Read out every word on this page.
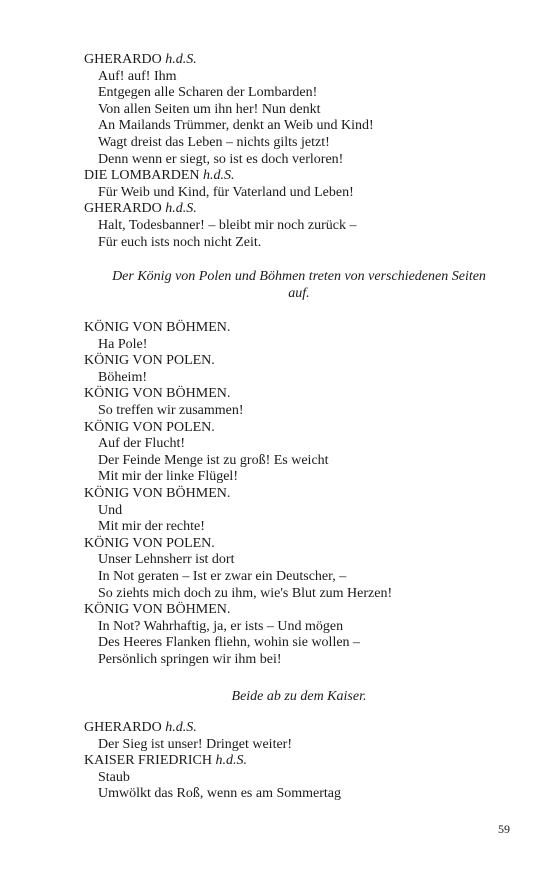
GHERARDO h.d.S.
Auf! auf! Ihm
Entgegen alle Scharen der Lombarden!
Von allen Seiten um ihn her! Nun denkt
An Mailands Trümmer, denkt an Weib und Kind!
Wagt dreist das Leben – nichts gilts jetzt!
Denn wenn er siegt, so ist es doch verloren!
DIE LOMBARDEN h.d.S.
Für Weib und Kind, für Vaterland und Leben!
GHERARDO h.d.S.
Halt, Todesbanner! – bleibt mir noch zurück –
Für euch ists noch nicht Zeit.
Der König von Polen und Böhmen treten von verschiedenen Seiten
auf.
KÖNIG VON BÖHMEN.
Ha Pole!
KÖNIG VON POLEN.
Böheim!
KÖNIG VON BÖHMEN.
So treffen wir zusammen!
KÖNIG VON POLEN.
Auf der Flucht!
Der Feinde Menge ist zu groß! Es weicht
Mit mir der linke Flügel!
KÖNIG VON BÖHMEN.
Und
Mit mir der rechte!
KÖNIG VON POLEN.
Unser Lehnsherr ist dort
In Not geraten – Ist er zwar ein Deutscher, –
So ziehts mich doch zu ihm, wie's Blut zum Herzen!
KÖNIG VON BÖHMEN.
In Not? Wahrhaftig, ja, er ists – Und mögen
Des Heeres Flanken fliehn, wohin sie wollen –
Persönlich springen wir ihm bei!
Beide ab zu dem Kaiser.
GHERARDO h.d.S.
Der Sieg ist unser! Dringet weiter!
KAISER FRIEDRICH h.d.S.
Staub
Umwölkt das Roß, wenn es am Sommertag
59
